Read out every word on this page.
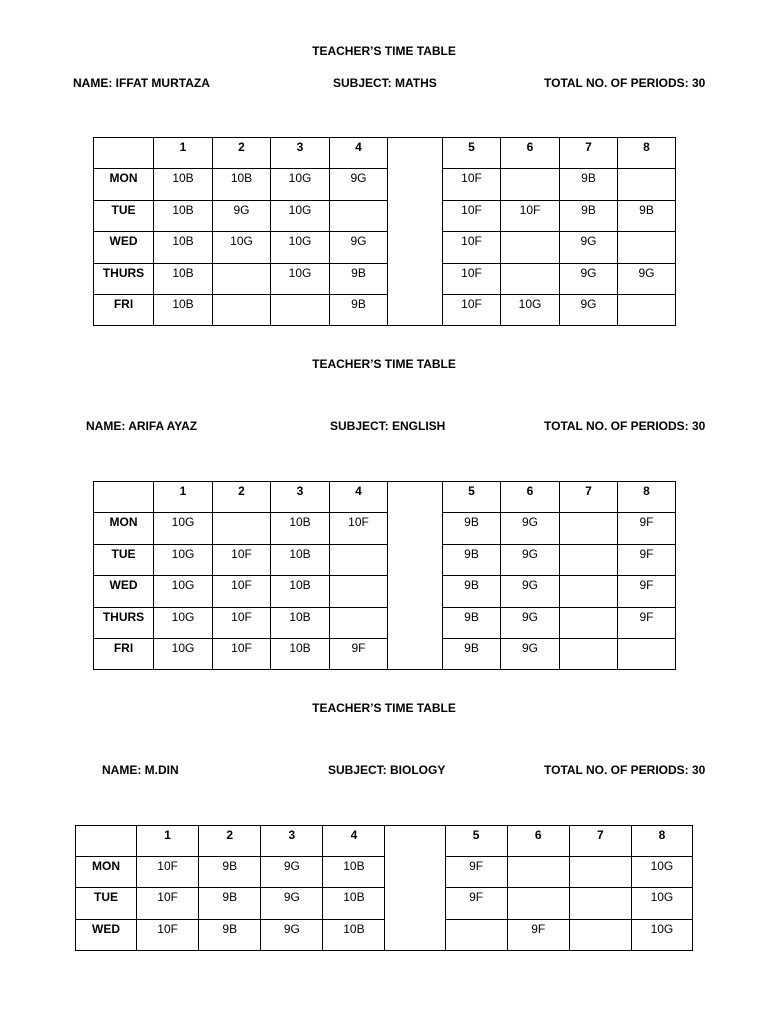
TEACHER’S TIME TABLE
NAME: IFFAT MURTAZA	SUBJECT: MATHS	TOTAL NO. OF PERIODS: 30
	1	2	3	4		5	6	7	8
MON	10B	10B	10G	9G		10F		9B	
TUE	10B	9G	10G			10F	10F	9B	9B
WED	10B	10G	10G	9G		10F		9G	
THURS	10B		10G	9B		10F		9G	9G
FRI	10B			9B		10F	10G	9G	
TEACHER’S TIME TABLE
NAME: ARIFA AYAZ	SUBJECT: ENGLISH	TOTAL NO. OF PERIODS: 30
	1	2	3	4		5	6	7	8
MON	10G		10B	10F		9B	9G		9F
TUE	10G	10F	10B			9B	9G		9F
WED	10G	10F	10B			9B	9G		9F
THURS	10G	10F	10B			9B	9G		9F
FRI	10G	10F	10B	9F		9B	9G		
TEACHER’S TIME TABLE
NAME: M.DIN	SUBJECT: BIOLOGY	TOTAL NO. OF PERIODS: 30
	1	2	3	4		5	6	7	8
MON	10F	9B	9G	10B		9F			10G
TUE	10F	9B	9G	10B		9F			10G
WED	10F	9B	9G	10B			9F		10G
